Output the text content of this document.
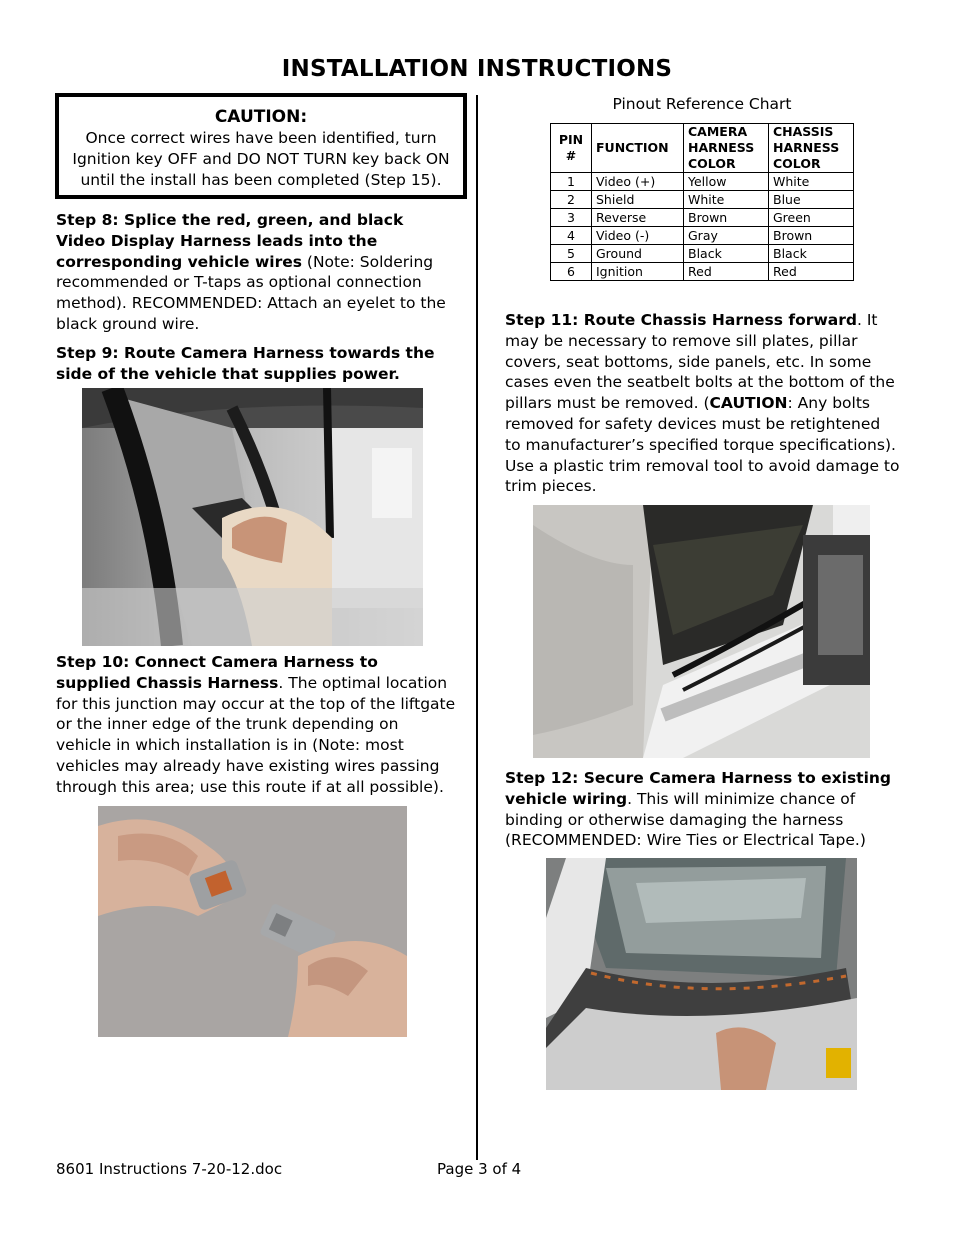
INSTALLATION INSTRUCTIONS
CAUTION:
Once correct wires have been identified, turn
Ignition key OFF and DO NOT TURN key back ON
until the install has been completed (Step 15).
Step 8: Splice the red, green, and black Video Display Harness leads into the corresponding vehicle wires (Note: Soldering recommended or T-taps as optional connection method). RECOMMENDED: Attach an eyelet to the black ground wire.
Step 9: Route Camera Harness towards the side of the vehicle that supplies power.
Step 10: Connect Camera Harness to supplied Chassis Harness. The optimal location for this junction may occur at the top of the liftgate or the inner edge of the trunk depending on vehicle in which installation is in (Note: most vehicles may already have existing wires passing through this area; use this route if at all possible).
Pinout Reference Chart
PIN #	FUNCTION	CAMERA HARNESS COLOR	CHASSIS HARNESS COLOR
1	Video (+)	Yellow	White
2	Shield	White	Blue
3	Reverse	Brown	Green
4	Video (-)	Gray	Brown
5	Ground	Black	Black
6	Ignition	Red	Red
Step 11: Route Chassis Harness forward. It may be necessary to remove sill plates, pillar covers, seat bottoms, side panels, etc. In some cases even the seatbelt bolts at the bottom of the pillars must be removed. (CAUTION: Any bolts removed for safety devices must be retightened to manufacturer’s specified torque specifications). Use a plastic trim removal tool to avoid damage to trim pieces.
Step 12: Secure Camera Harness to existing vehicle wiring. This will minimize chance of binding or otherwise damaging the harness (RECOMMENDED: Wire Ties or Electrical Tape.)
8601 Instructions 7-20-12.doc	Page 3 of 4
